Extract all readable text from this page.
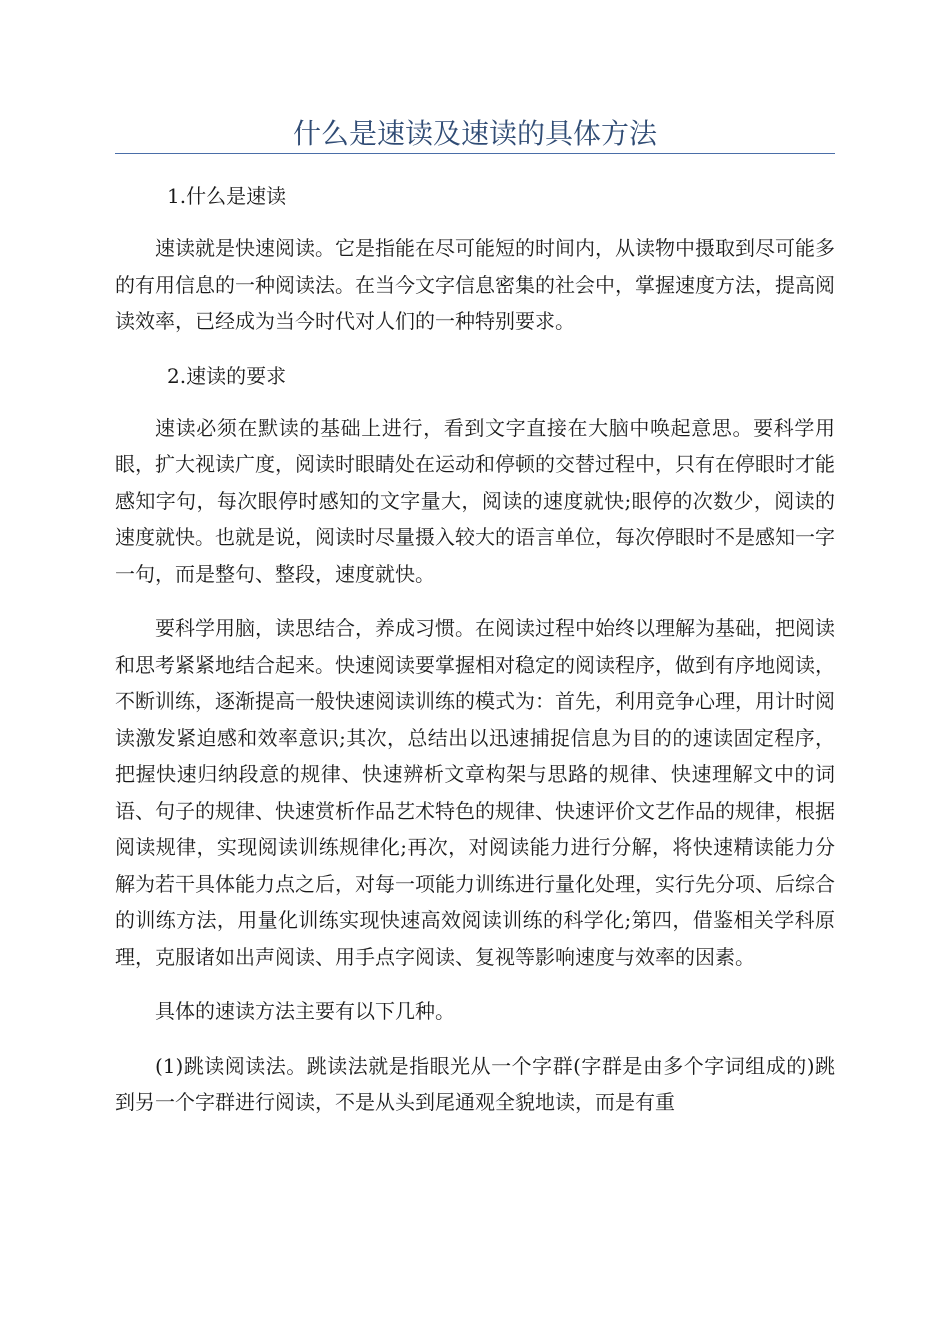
什么是速读及速读的具体方法

1.什么是速读

速读就是快速阅读。它是指能在尽可能短的时间内，从读物中摄取到尽可能多的有用信息的一种阅读法。在当今文字信息密集的社会中，掌握速度方法，提高阅读效率，已经成为当今时代对人们的一种特别要求。

2.速读的要求

速读必须在默读的基础上进行，看到文字直接在大脑中唤起意思。要科学用眼，扩大视读广度，阅读时眼睛处在运动和停顿的交替过程中，只有在停眼时才能感知字句，每次眼停时感知的文字量大，阅读的速度就快;眼停的次数少，阅读的速度就快。也就是说，阅读时尽量摄入较大的语言单位，每次停眼时不是感知一字一句，而是整句、整段，速度就快。

要科学用脑，读思结合，养成习惯。在阅读过程中始终以理解为基础，把阅读和思考紧紧地结合起来。快速阅读要掌握相对稳定的阅读程序，做到有序地阅读，不断训练，逐渐提高一般快速阅读训练的模式为：首先，利用竞争心理，用计时阅读激发紧迫感和效率意识;其次，总结出以迅速捕捉信息为目的的速读固定程序，把握快速归纳段意的规律、快速辨析文章构架与思路的规律、快速理解文中的词语、句子的规律、快速赏析作品艺术特色的规律、快速评价文艺作品的规律，根据阅读规律，实现阅读训练规律化;再次，对阅读能力进行分解，将快速精读能力分解为若干具体能力点之后，对每一项能力训练进行量化处理，实行先分项、后综合的训练方法，用量化训练实现快速高效阅读训练的科学化;第四，借鉴相关学科原理，克服诸如出声阅读、用手点字阅读、复视等影响速度与效率的因素。

具体的速读方法主要有以下几种。

(1)跳读阅读法。跳读法就是指眼光从一个字群(字群是由多个字词组成的)跳到另一个字群进行阅读，不是从头到尾通观全貌地读，而是有重
